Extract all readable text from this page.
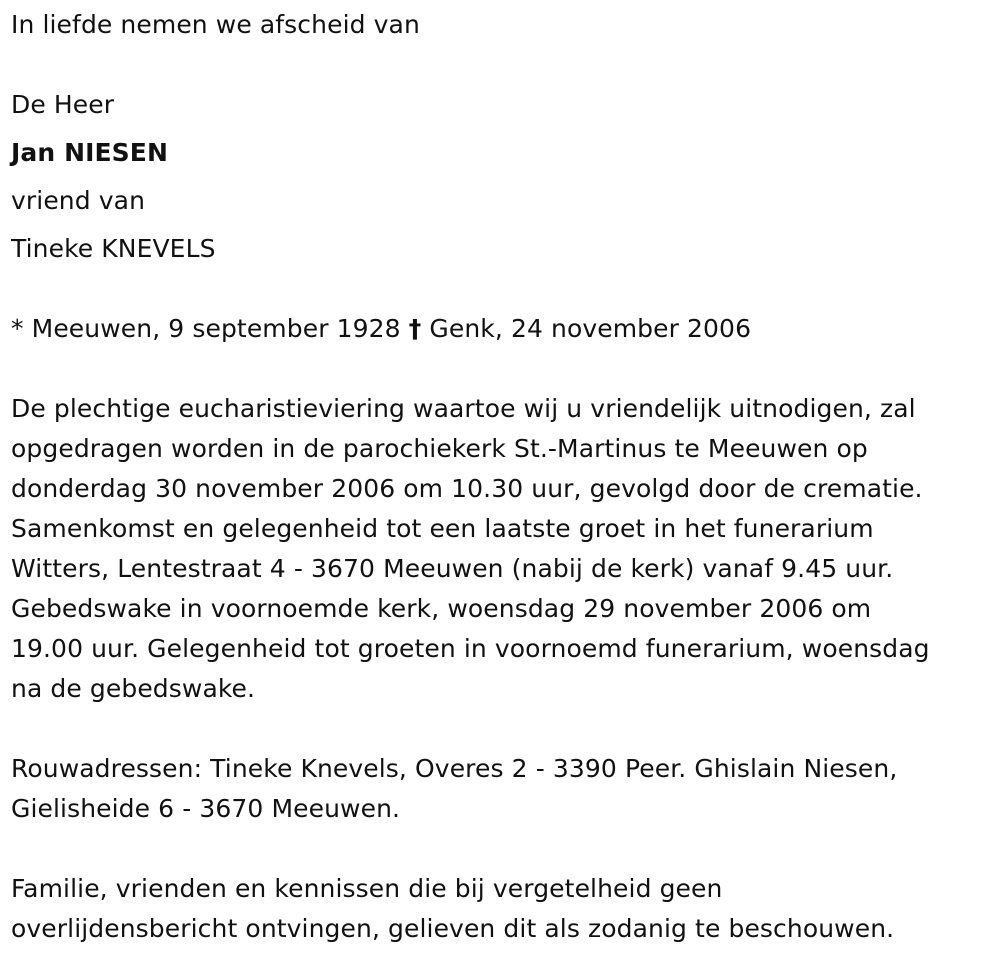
In liefde nemen we afscheid van
De Heer
Jan NIESEN
vriend van
Tineke KNEVELS
* Meeuwen, 9 september 1928 † Genk, 24 november 2006
De plechtige eucharistieviering waartoe wij u vriendelijk uitnodigen, zal
opgedragen worden in de parochiekerk St.-Martinus te Meeuwen op
donderdag 30 november 2006 om 10.30 uur, gevolgd door de crematie.
Samenkomst en gelegenheid tot een laatste groet in het funerarium
Witters, Lentestraat 4 - 3670 Meeuwen (nabij de kerk) vanaf 9.45 uur.
Gebedswake in voornoemde kerk, woensdag 29 november 2006 om
19.00 uur. Gelegenheid tot groeten in voornoemd funerarium, woensdag
na de gebedswake.
Rouwadressen: Tineke Knevels, Overes 2 - 3390 Peer. Ghislain Niesen,
Gielisheide 6 - 3670 Meeuwen.
Familie, vrienden en kennissen die bij vergetelheid geen
overlijdensbericht ontvingen, gelieven dit als zodanig te beschouwen.
